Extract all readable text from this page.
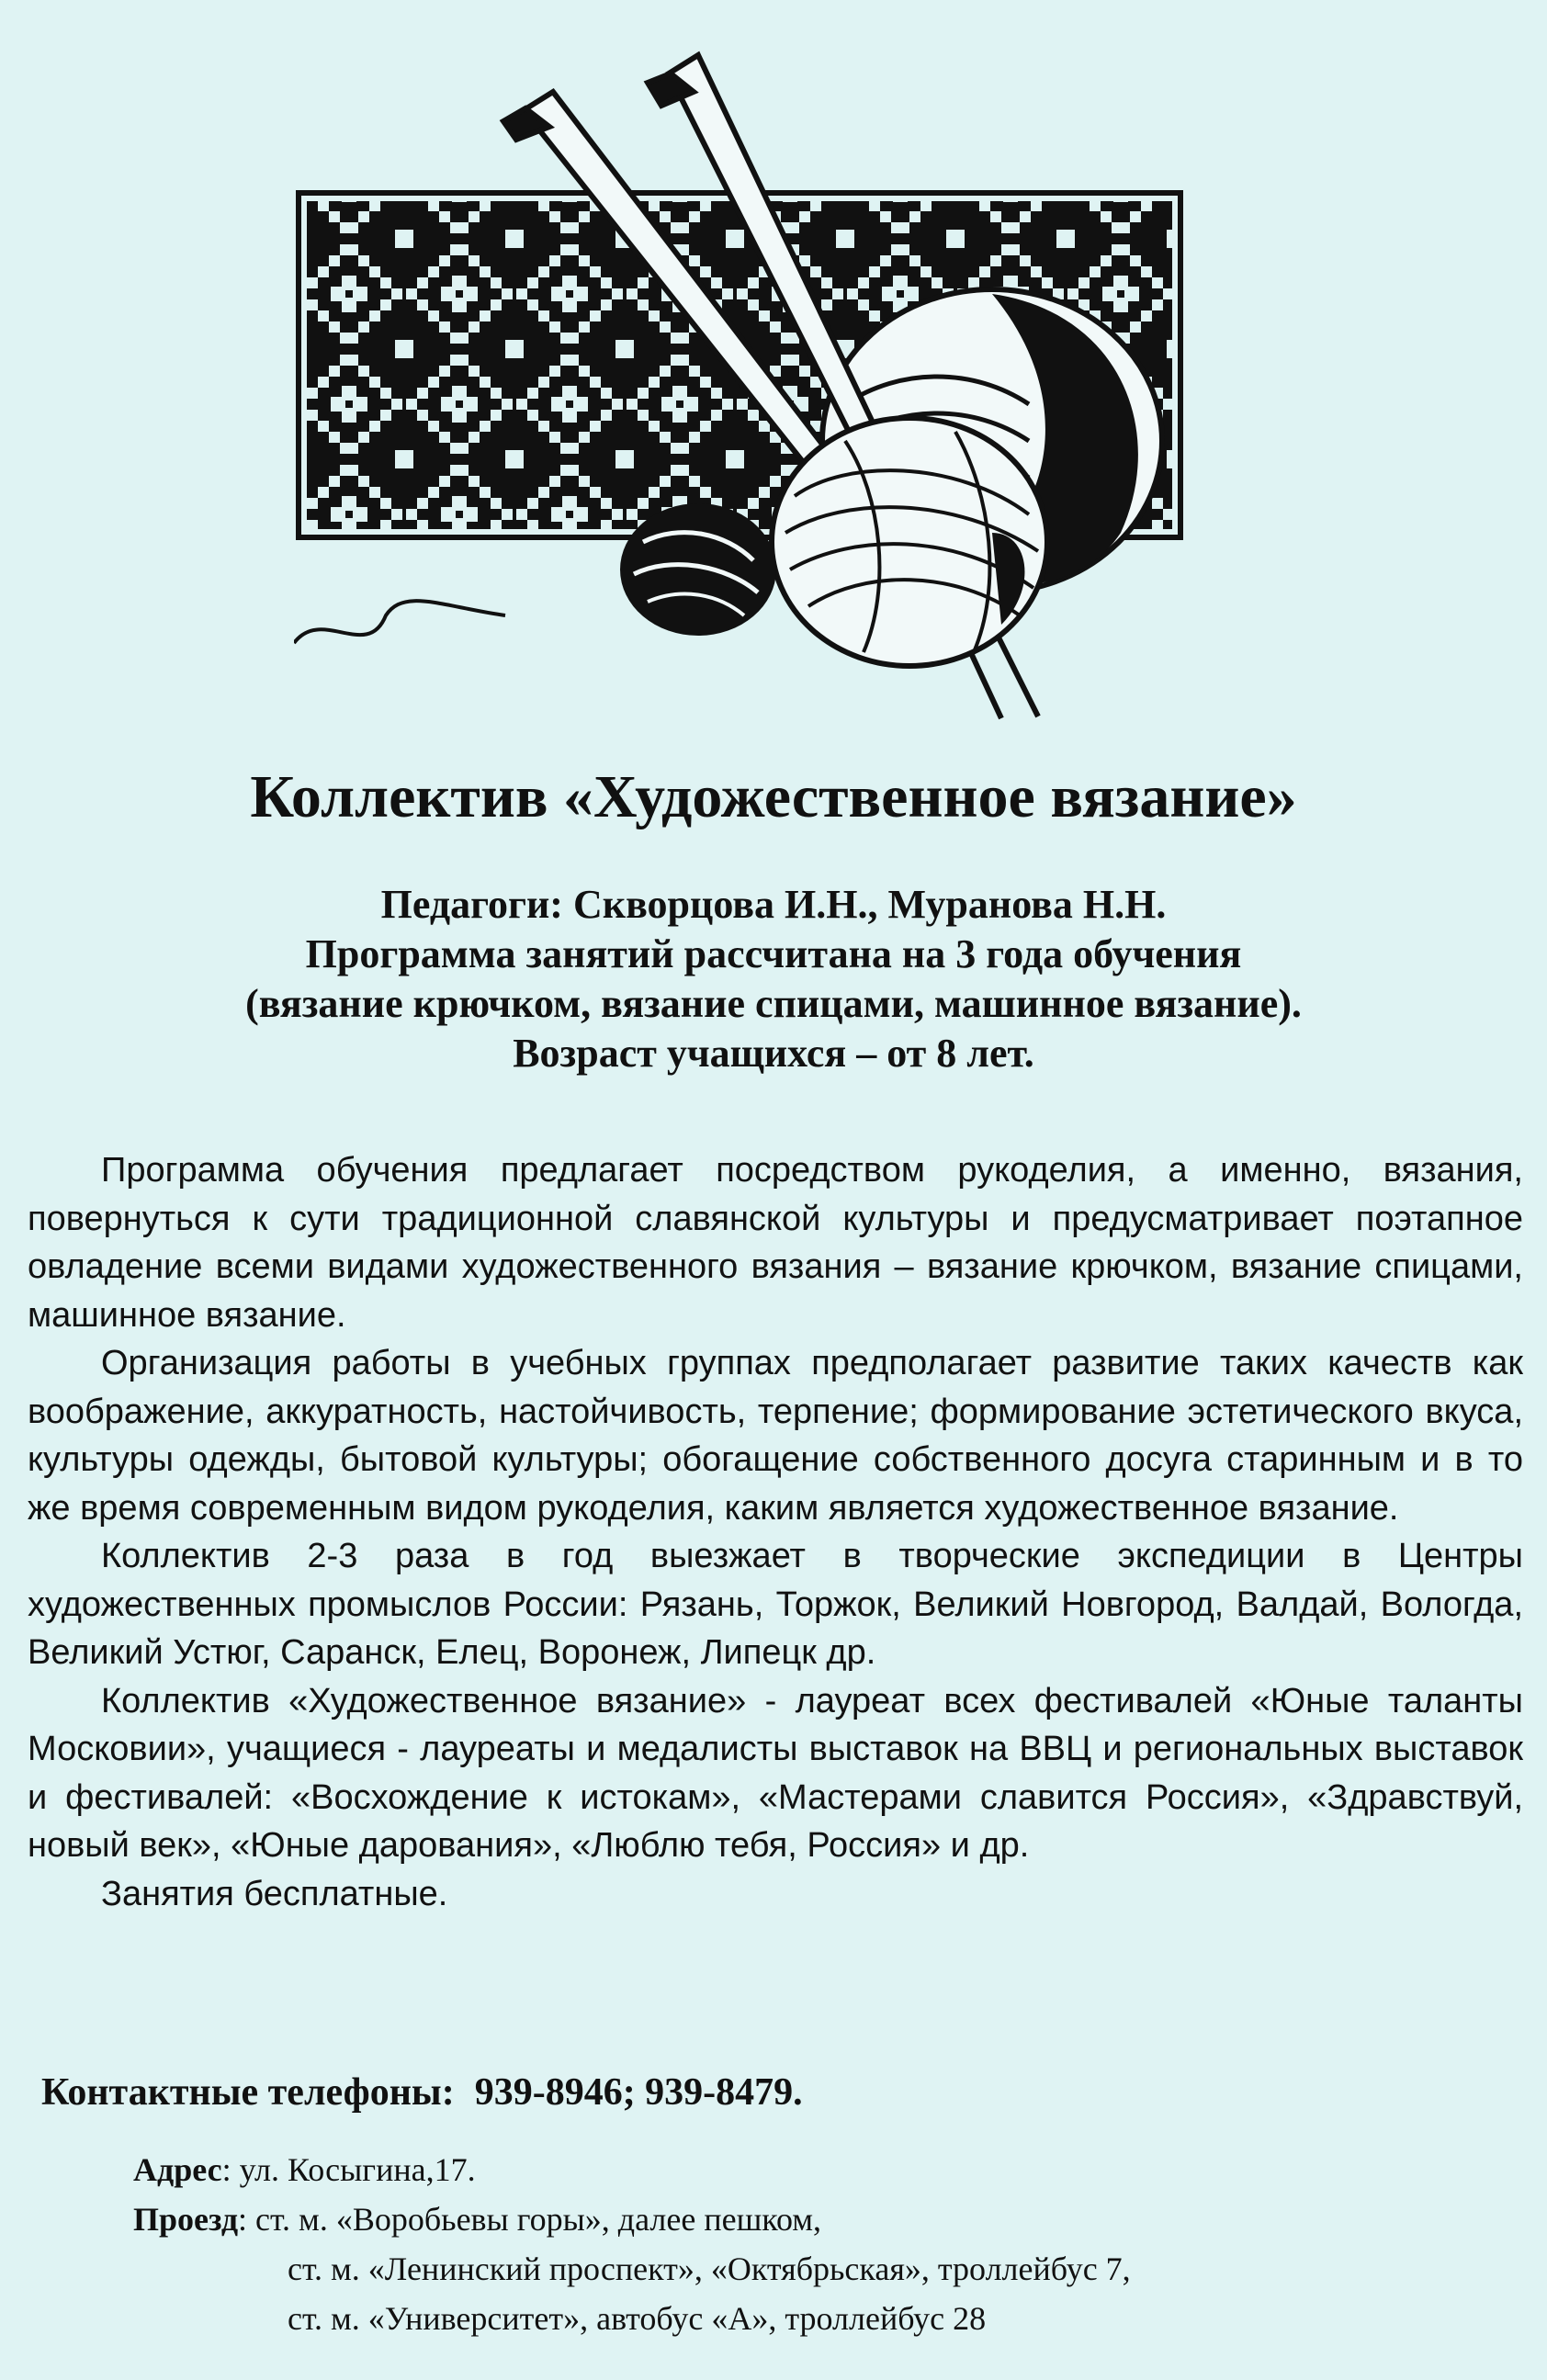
Коллектив «Художественное вязание»
Педагоги: Скворцова И.Н., Муранова Н.Н.
Программа занятий рассчитана на 3 года обучения
(вязание крючком, вязание спицами, машинное вязание).
Возраст учащихся – от 8 лет.

Программа обучения предлагает посредством рукоделия, а именно, вязания, повернуться к сути традиционной славянской культуры и предусматривает поэтапное овладение всеми видами художественного вязания – вязание крючком, вязание спицами, машинное вязание.

Организация работы в учебных группах предполагает развитие таких качеств как воображение, аккуратность, настойчивость, терпение; формирование эстетического вкуса, культуры одежды, бытовой культуры; обогащение собственного досуга старинным и в то же время современным видом рукоделия, каким является художественное вязание.

Коллектив 2-3 раза в год выезжает в творческие экспедиции в Центры художественных промыслов России: Рязань, Торжок, Великий Новгород, Валдай, Вологда, Великий Устюг, Саранск, Елец, Воронеж, Липецк др.

Коллектив «Художественное вязание» - лауреат всех фестивалей «Юные таланты Московии», учащиеся - лауреаты и медалисты выставок на ВВЦ и региональных выставок и фестивалей: «Восхождение к истокам», «Мастерами славится Россия», «Здравствуй, новый век», «Юные дарования», «Люблю тебя, Россия» и др.

Занятия бесплатные.

Контактные телефоны: 939-8946; 939-8479.
Адрес: ул. Косыгина,17.
Проезд: ст. м. «Воробьевы горы», далее пешком,
ст. м. «Ленинский проспект», «Октябрьская», троллейбус 7,
ст. м. «Университет», автобус «А», троллейбус 28
